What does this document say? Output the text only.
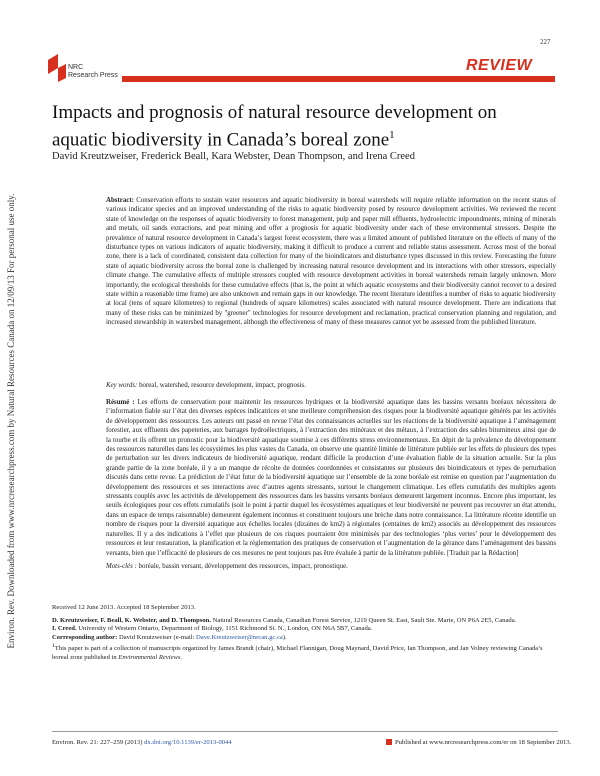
227
NRC
Research Press
REVIEW
Impacts and prognosis of natural resource development on aquatic biodiversity in Canada’s boreal zone$^1$
David Kreutzweiser, Frederick Beall, Kara Webster, Dean Thompson, and Irena Creed
Environ. Rev. Downloaded from www.nrcresearchpress.com by Natural Resources Canada on 12/09/13 For personal use only.	Abstract: Conservation efforts to sustain water resources and aquatic biodiversity in boreal watersheds will require reliable information on the recent status of various indicator species and an improved understanding of the risks to aquatic biodiversity posed by resource development activities. We reviewed the recent state of knowledge on the responses of aquatic biodiversity to forest management, pulp and paper mill effluents, hydroelectric impoundments, mining of minerals and metals, oil sands extractions, and peat mining and offer a prognosis for aquatic biodiversity under each of these environmental stressors. Despite the prevalence of natural resource development in Canada’s largest forest ecosystem, there was a limited amount of published literature on the effects of many of the disturbance types on various indicators of aquatic biodiversity, making it difficult to produce a current and reliable status assessment. Across most of the boreal zone, there is a lack of coordinated, consistent data collection for many of the bioindicators and disturbance types discussed in this review. Forecasting the future state of aquatic biodiversity across the boreal zone is challenged by increasing natural resource development and its interactions with other stressors, especially climate change. The cumulative effects of multiple stressors coupled with resource development activities in boreal watersheds remain largely unknown. More importantly, the ecological thresholds for these cumulative effects (that is, the point at which aquatic ecosystems and their biodiversity cannot recover to a desired state within a reasonable time frame) are also unknown and remain gaps in our knowledge. The recent literature identifies a number of risks to aquatic biodiversity at local (tens of square kilometres) to regional (hundreds of square kilometres) scales associated with natural resource development. There are indications that many of these risks can be minimized by "greener" technologies for resource development and reclamation, practical conservation planning and regulation, and increased stewardship in watershed management, although the effectiveness of many of these measures cannot yet be assessed from the published literature.
Key words: boreal, watershed, resource development, impact, prognosis.
Résumé : Les efforts de conservation pour maintenir les ressources hydriques et la biodiversité aquatique dans les bassins versants boréaux nécessitera de l’information fiable sur l’état des diverses espèces indicatrices et une meilleure compréhension des risques pour la biodiversité aquatique générés par les activités de développement des ressources. Les auteurs ont passé en revue l’état des connaissances actuelles sur les réactions de la biodiversité aquatique à l’aménagement forestier, aux effluents des papeteries, aux barrages hydroélectriques, à l’extraction des minéraux et des métaux, à l’extraction des sables bitumineux ainsi que de la tourbe et ils offrent un pronostic pour la biodiversité aquatique soumise à ces différents stress environnementaux. En dépit de la prévalence du développement des ressources naturelles dans les écosystèmes les plus vastes du Canada, on observe une quantité limitée de littérature publiée sur les effets de plusieurs des types de perturbation sur les divers indicateurs de biodiversité aquatique, rendant difficile la production d’une évaluation fiable de la situation actuelle. Sur la plus grande partie de la zone boréale, il y a un manque de récolte de données coordonnées et consistantes sur plusieurs des bioindicateurs et types de perturbation discutés dans cette revue. La prédiction de l’état futur de la biodiversité aquatique sur l’ensemble de la zone boréale est remise en question par l’augmentation du développement des ressources et ses interactions avec d’autres agents stressants, surtout le changement climatique. Les effets cumulatifs des multiples agents stressants couplés avec les activités de développement des ressources dans les bassins versants boréaux demeurent largement inconnus. Encore plus important, les seuils écologiques pour ces effets cumulatifs (soit le point à partir duquel les écosystèmes aquatiques et leur biodiversité ne peuvent pas recouvrer un état attendu, dans un espace de temps raisonnable) demeurent également inconnus et constituent toujours une brèche dans notre connaissance. La littérature récente identifie un nombre de risques pour la diversité aquatique aux échelles locales (dizaines de km2) à régionales (centaines de km2) associés au développement des ressources naturelles. Il y a des indications à l’effet que plusieurs de ces risques pourraient être minimisés par des technologies ‘plus vertes’ pour le développement des ressources et leur restauration, la planification et la réglementation des pratiques de conservation et l’augmentation de la gérance dans l’aménagement des bassins versants, bien que l’efficacité de plusieurs de ces mesures ne peut toujours pas être évaluée à partir de la littérature publiée. [Traduit par la Rédaction]
Mots-clés : boréale, bassin versant, développement des ressources, impact, pronostique.

Received 12 June 2013. Accepted 18 September 2013.

D. Kreutzweiser, F. Beall, K. Webster, and D. Thompson. Natural Resources Canada, Canadian Forest Service, 1219 Queen St. East, Sault Ste. Marie, ON P6A 2E5, Canada.

I. Creed. University of Western Ontario, Department of Biology, 1151 Richmond St. N., London, ON N6A 5B7, Canada.

Corresponding author: David Kreutzweiser (e-mail: Dave.Kreutzweiser@nrcan.gc.ca).

$^1$This paper is part of a collection of manuscripts organized by James Brandt (chair), Michael Flannigan, Doug Maynard, David Price, Ian Thompson, and Jan Volney reviewing Canada’s boreal zone published in Environmental Reviews.

Environ. Rev. 21: 227–259 (2013) dx.doi.org/10.1139/er-2013-0044	Published at www.nrcresearchpress.com/er on 18 September 2013.
